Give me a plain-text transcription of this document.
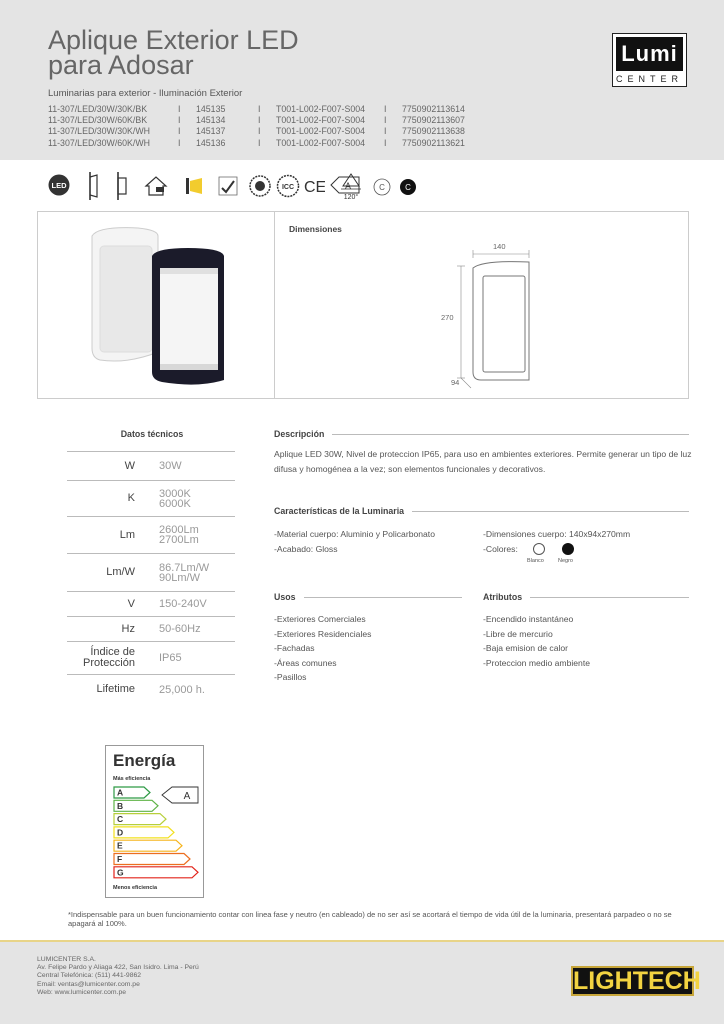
Aplique Exterior LED
para Adosar
Luminarias para exterior - Iluminación Exterior
11-307/LED/30W/30K/BK	I	145135	I	T001-L002-F007-S004	I	7750902113614
11-307/LED/30W/60K/BK	I	145134	I	T001-L002-F007-S004	I	7750902113607
11-307/LED/30W/30K/WH	I	145137	I	T001-L002-F007-S004	I	7750902113638
11-307/LED/30W/60K/WH	I	145136	I	T001-L002-F007-S004	I	7750902113621
Lumi
CENTER
LED	ICC CE A
120°
C	C
Dimensiones
140
270
94
Datos técnicos
W	30W
K	3000K
6000K
Lm	2600Lm
2700Lm
Lm/W	86.7Lm/W
90Lm/W
V	150-240V
Hz	50-60Hz
Índice de
Protección IP65
Lifetime	25,000 h.
Descripción
Aplique LED 30W, Nivel de proteccion IP65, para uso en ambientes exteriores. Permite generar un tipo de luz difusa y homogénea a la vez; son elementos funcionales y decorativos.
Características de la Luminaria
-Material cuerpo: Aluminio y Policarbonato
-Acabado: Gloss
-Dimensiones cuerpo: 140x94x270mm
-Colores:
Blanco	Negro
Usos
-Exteriores Comerciales
-Exteriores Residenciales
-Fachadas
-Áreas comunes
-Pasillos
Atributos
-Encendido instantáneo
-Libre de mercurio
-Baja emision de calor
-Proteccion medio ambiente
Energía
Más eficiencia
A
B
C
D
E
F
G
A
Menos eficiencia
*Indispensable para un buen funcionamiento contar con linea fase y neutro (en cableado) de no ser así se acortará el tiempo de vida útil de la luminaria, presentará parpadeo o no se apagará al 100%.
LUMICENTER S.A.
Av. Felipe Pardo y Aliaga 422, San Isidro. Lima - Perú
Central Telefónica: (511) 441-9862
Email: ventas@lumicenter.com.pe
Web: www.lumicenter.com.pe	LIGHTECH
